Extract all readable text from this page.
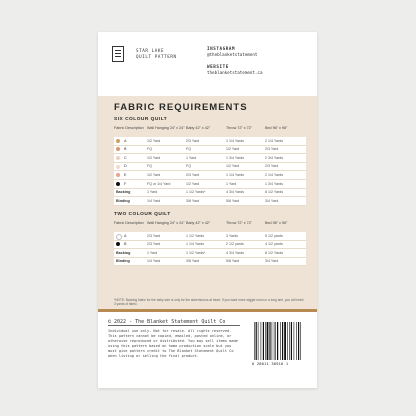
STAR LAKE
QUILT PATTERN
INSTAGRAM
@theblanketstatement
WEBSITE
theblanketstatement.ca
FABRIC REQUIREMENTS
SIX COLOUR QUILT
Fabric Description Wall Hanging 24" x 24" Baby 42" x 42"	Throw 72" x 72"	Bed 96" x 96"
A	1/2 Yard	2/3 Yard	1 1/4 Yards	2 1/4 Yards
B	FQ	FQ	1/2 Yard	2/3 Yard
C	1/2 Yard	1 Yard	1 3/4 Yards	2 3/4 Yards
D	FQ	FQ	1/2 Yard	2/3 Yard
E	1/2 Yard	2/3 Yard	1 1/4 Yards	2 1/4 Yards
F	FQ or 1/4 Yard	1/2 Yard	1 Yard	1 3/4 Yards
Backing	1 Yard	1 1/2 Yards*	4 3/4 Yards	8 1/2 Yards
Binding	1/4 Yard	3/8 Yard	5/8 Yard	3/4 Yard
TWO COLOUR QUILT
Fabric Description Wall Hanging 24" x 24" Baby 42" x 42"	Throw 72" x 72"	Bed 96" x 96"
A	2/3 Yard	1 1/2 Yards	3 Yards	5 1/2 yards
B	2/3 Yard	1 1/4 Yards	2 1/2 yards	4 1/2 yards
Backing	1 Yard	1 1/2 Yards*	4 3/4 Yards	8 1/2 Yards
Binding	1/4 Yard	3/8 Yard	5/8 Yard	3/4 Yard
*NOTE: Backing fabric for the baby size is only for the adventurous at heart. If you want more wiggle room or a long arm, you will need 3 yards of fabric.
© 2022 - The Blanket Statement Quilt Co
Individual use only. Not for resale. All rights reserved. This pattern cannot be copied, emailed, posted online, or otherwise reproduced or distributed. You may sell items made using this pattern based on home production scale but you must give pattern credit to The Blanket Statement Quilt Co when listing or selling the final product.
6 28011 30916 1
